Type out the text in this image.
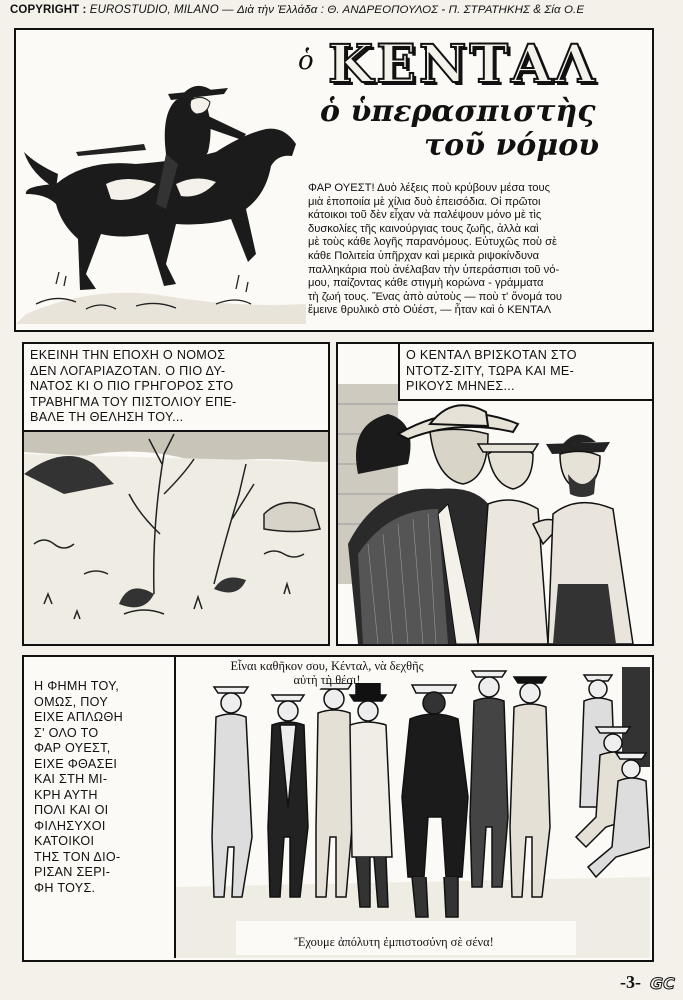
COPYRIGHT : EUROSTUDIO, MILANO — Διὰ τὴν Ἑλλάδα : Θ. ΑΝΔΡΕΟΠΟΥΛΟΣ - Π. ΣΤΡΑΤΗΚΗΣ & Σία Ο.Ε
ὁ ΚΕΝΤΑΛ
ὁ ὑπερασπιστὴς
τοῦ νόμου
ΦΑΡ ΟΥΕΣΤ! Δυὸ λέξεις ποὺ κρύβουν μέσα τους
μιὰ ἐποποιία μὲ χίλια δυὸ ἐπεισόδια. Οἱ πρῶτοι
κάτοικοι τοῦ δὲν εἶχαν νὰ παλέψουν μόνο μὲ τὶς
δυσκολίες τῆς καινούργιας τους ζωῆς, ἀλλὰ καὶ
μὲ τοὺς κάθε λογῆς παρανόμους. Εὐτυχῶς ποὺ σὲ
κάθε Πολιτεία ὑπῆρχαν καὶ μερικὰ ριψοκίνδυνα
παλληκάρια ποὺ ἀνέλαβαν τὴν ὑπεράσπισι τοῦ νό-
μου, παίζοντας κάθε στιγμὴ κορώνα - γράμματα
τὴ ζωή τους. Ἕνας ἀπὸ αὐτοὺς — ποὺ τ' ὄνομά του
ἔμεινε θρυλικὸ στὸ Οὐέστ, — ἦταν καὶ ὁ ΚΕΝΤΑΛ
ΕΚΕΙΝΗ ΤΗΝ ΕΠΟΧΗ Ο ΝΟΜΟΣ
ΔΕΝ ΛΟΓΑΡΙΑΖΟΤΑΝ. Ο ΠΙΟ ΔΥ-
ΝΑΤΟΣ ΚΙ Ο ΠΙΟ ΓΡΗΓΟΡΟΣ ΣΤΟ
ΤΡΑΒΗΓΜΑ ΤΟΥ ΠΙΣΤΟΛΙΟΥ ΕΠΕ-
ΒΑΛΕ ΤΗ ΘΕΛΗΣΗ ΤΟΥ...
Ο ΚΕΝΤΑΛ ΒΡΙΣΚΟΤΑΝ ΣΤΟ
ΝΤΟΤΖ-ΣΙΤΥ, ΤΩΡΑ ΚΑΙ ΜΕ-
ΡΙΚΟΥΣ ΜΗΝΕΣ...
Η ΦΗΜΗ ΤΟΥ,
ΟΜΩΣ, ΠΟΥ
ΕΙΧΕ ΑΠΛΩΘΗ
Σ' ΟΛΟ ΤΟ
ΦΑΡ ΟΥΕΣΤ,
ΕΙΧΕ ΦΘΑΣΕΙ
ΚΑΙ ΣΤΗ ΜΙ-
ΚΡΗ ΑΥΤΗ
ΠΟΛΙ ΚΑΙ ΟΙ
ΦΙΛΗΣΥΧΟΙ
ΚΑΤΟΙΚΟΙ
ΤΗΣ ΤΟΝ ΔΙΟ-
ΡΙΣΑΝ ΣΕΡΙ-
ΦΗ ΤΟΥΣ.
Εἶναι καθῆκον σου, Κένταλ, νὰ δεχθῆς
αὐτὴ τὴ θέσι!
Ἔχουμε ἀπόλυτη ἐμπιστοσύνη σὲ σένα!
-3- GC
